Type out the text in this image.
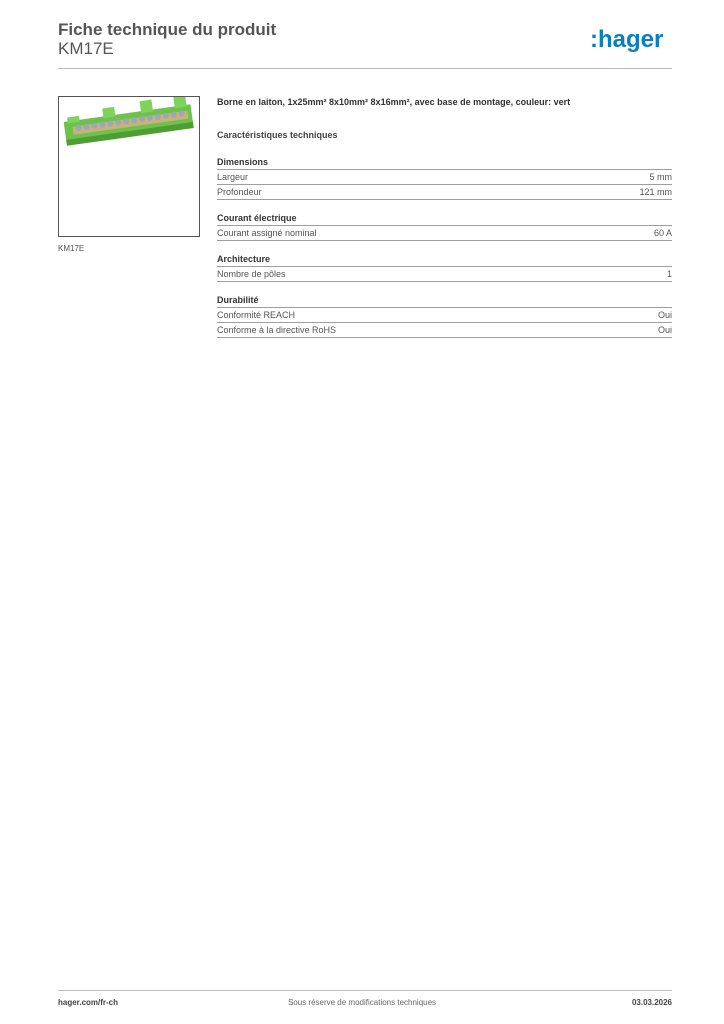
Fiche technique du produit
KM17E	:hager
KM17E

Borne en laiton, 1x25mm² 8x10mm² 8x16mm², avec base de montage, couleur: vert

Caractéristiques techniques
Dimensions
Largeur	5 mm
Profondeur	121 mm
Courant électrique
Courant assigné nominal	60 A
Architecture
Nombre de pôles	1
Durabilité
Conformité REACH	Oui
Conforme à la directive RoHS	Oui
hager.com/fr-ch	Sous réserve de modifications techniques	03.03.2026
